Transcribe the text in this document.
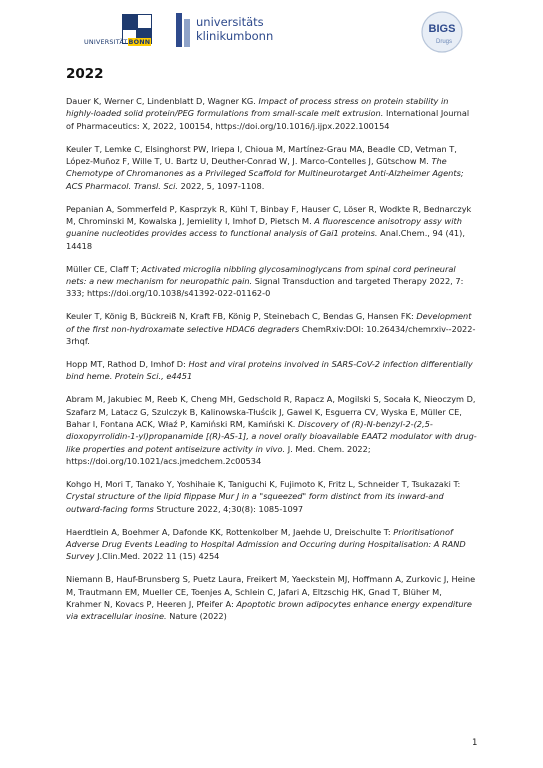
UNIVERSITÄTBONN
universitäts
klinikumbonn	BIGS
Drugs
2022

Dauer K, Werner C, Lindenblatt D, Wagner KG. Impact of process stress on protein stability in highly-loaded solid protein/PEG formulations from small-scale melt extrusion. International Journal of Pharmaceutics: X, 2022, 100154, https://doi.org/10.1016/j.ijpx.2022.100154

Keuler T, Lemke C, Elsinghorst PW, Iriepa I, Chioua M, Martínez-Grau MA, Beadle CD, Vetman T, López-Muñoz F, Wille T, U. Bartz U, Deuther-Conrad W, J. Marco-Contelles J, Gütschow M. The Chemotype of Chromanones as a Privileged Scaffold for Multineurotarget Anti-Alzheimer Agents; ACS Pharmacol. Transl. Sci. 2022, 5, 1097-1108.

Pepanian A, Sommerfeld P, Kasprzyk R, Kühl T, Binbay F, Hauser C, Löser R, Wodkte R, Bednarczyk M, Chrominski M, Kowalska J, Jemielity I, Imhof D, Pietsch M. A fluorescence anisotropy assy with guanine nucleotides provides access to functional analysis of Gai1 proteins. Anal.Chem., 94 (41), 14418

Müller CE, Claff T; Activated microglia nibbling glycosaminoglycans from spinal cord perineural nets: a new mechanism for neuropathic pain. Signal Transduction and targeted Therapy 2022, 7: 333; https://doi.org/10.1038/s41392-022-01162-0

Keuler T, König B, Bückreiß N, Kraft FB, König P, Steinebach C, Bendas G, Hansen FK: Development of the first non-hydroxamate selective HDAC6 degraders ChemRxiv:DOI: 10.26434/chemrxiv--2022-3rhqf.

Hopp MT, Rathod D, Imhof D: Host and viral proteins involved in SARS-CoV-2 infection differentially bind heme. Protein Sci., e4451

Abram M, Jakubiec M, Reeb K, Cheng MH, Gedschold R, Rapacz A, Mogilski S, Socała K, Nieoczym D, Szafarz M, Latacz G, Szulczyk B, Kalinowska-Tłuścik J, Gawel K, Esguerra CV, Wyska E, Müller CE, Bahar I, Fontana ACK, Właź P, Kamiński RM, Kamiński K. Discovery of (R)-N-benzyl-2-(2,5-dioxopyrrolidin-1-yl)propanamide [(R)-AS-1], a novel orally bioavailable EAAT2 modulator with drug-like properties and potent antiseizure activity in vivo. J. Med. Chem. 2022; https://doi.org/10.1021/acs.jmedchem.2c00534

Kohgo H, Mori T, Tanako Y, Yoshihaie K, Taniguchi K, Fujimoto K, Fritz L, Schneider T, Tsukazaki T: Crystal structure of the lipid flippase Mur J in a "squeezed" form distinct from its inward-and outward-facing forms Structure 2022, 4;30(8): 1085-1097

Haerdtlein A, Boehmer A, Dafonde KK, Rottenkolber M, Jaehde U, Dreischulte T: Prioritisationof Adverse Drug Events Leading to Hospital Admission and Occuring during Hospitalisation: A RAND Survey J.Clin.Med. 2022 11 (15) 4254

Niemann B, Hauf-Brunsberg S, Puetz Laura, Freikert M, Yaeckstein MJ, Hoffmann A, Zurkovic J, Heine M, Trautmann EM, Mueller CE, Toenjes A, Schlein C, Jafari A, Eltzschig HK, Gnad T, Blüher M, Krahmer N, Kovacs P, Heeren J, Pfeifer A: Apoptotic brown adipocytes enhance energy expenditure via extracellular inosine. Nature (2022)

1
